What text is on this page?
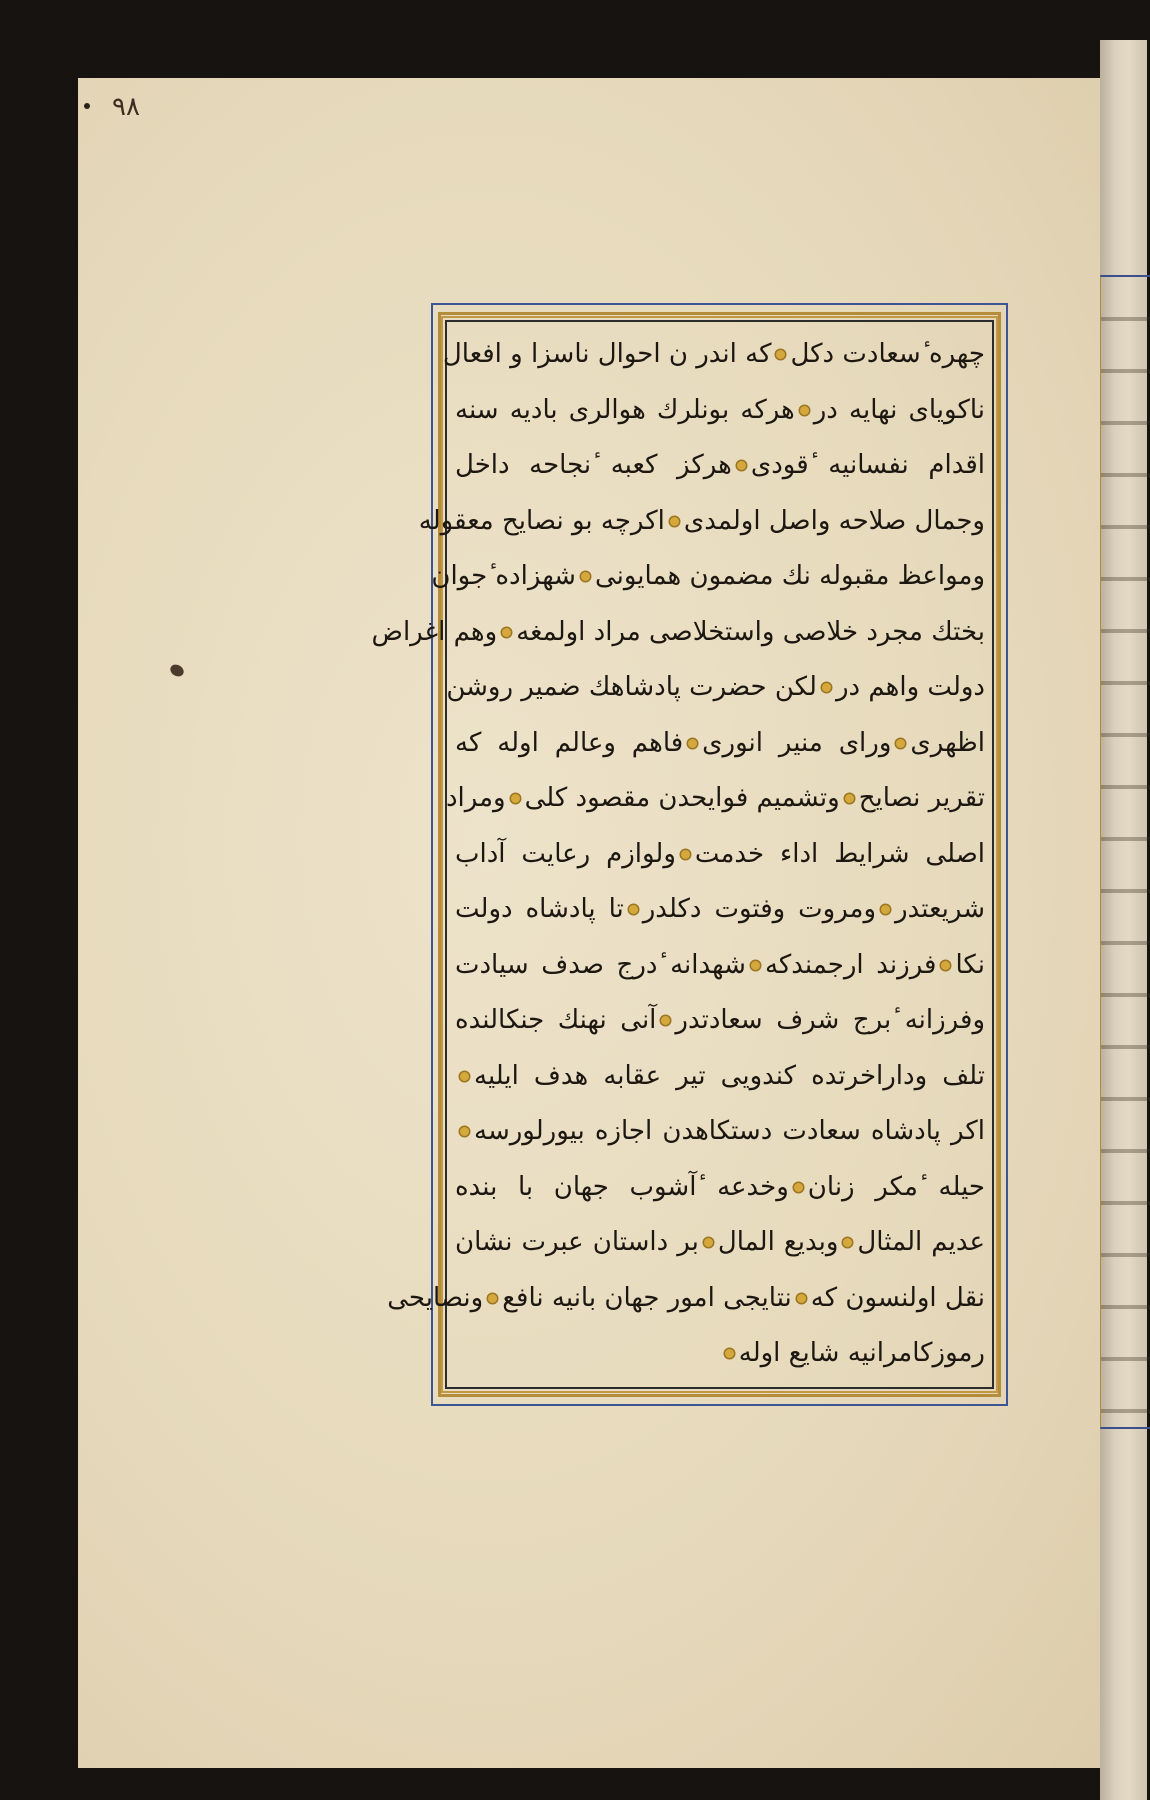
٩٨
چهره ٔسعادت دكلكه اندر ن احوال ناسزا و افعال
ناكوياى نهايه درهركه بونلرك هوالرى باديه سنه
اقدام نفسانيه ٔقودىهركز كعبه ٔنجاحه داخل
وجمال صلاحه واصل اولمدىاكرچه بو نصايح معقوله
ومواعظ مقبوله نك مضمون همايونىشهزاده ٔجوان
بختك مجرد خلاصى واستخلاصى مراد اولمغهوهم اغراض
دولت واهم درلكن حضرت پادشاهك ضمير روشن
اظهرىوراى منير انورىفاهم وعالم اوله كه
تقرير نصايحوتشميم فوايحدن مقصود كلىومراد
اصلى شرايط اداء خدمتولوازم رعايت آداب
شريعتدرومروت وفتوت دكلدرتا پادشاه دولت
نكافرزند ارجمندكهشهدانه ٔدرج صدف سيادت
وفرزانه ٔبرج شرف سعادتدرآنى نهنك جنكالنده
تلف وداراخرتده كندويى تير عقابه هدف ايليه
اكر پادشاه سعادت دستكاهدن اجازه بيورلورسه
حيله ٔمكر زنانوخدعه ٔآشوب جهان با بنده
عديم المثالوبديع المالبر داستان عبرت نشان
نقل اولنسون كهنتايجى امور جهان بانيه نافعونصايحى
رموزكامرانيه شايع اوله
